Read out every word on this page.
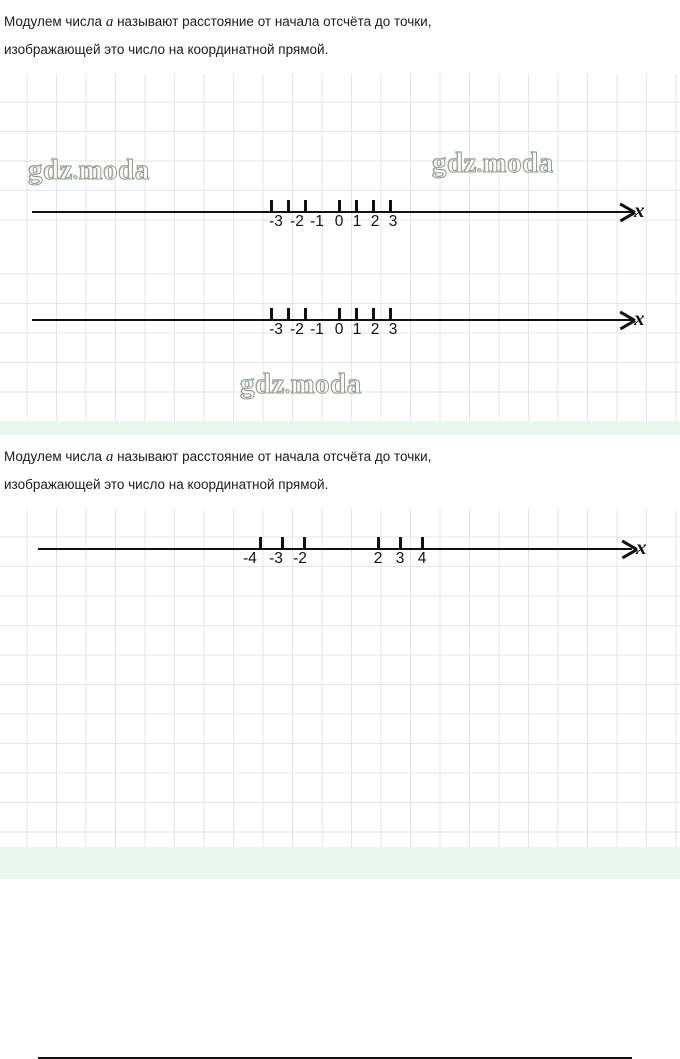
Модулем числа a называют расстояние от начала отсчёта до точки,
изображающей это число на координатной прямой.
gdz.moda	gdz.moda
x
-3 -2 -1 0 1 2 3
x
-3 -2 -1 0 1 2 3
gdz.moda
Модулем числа a называют расстояние от начала отсчёта до точки,
изображающей это число на координатной прямой.
x
-4 -3 -2	2 3 4
